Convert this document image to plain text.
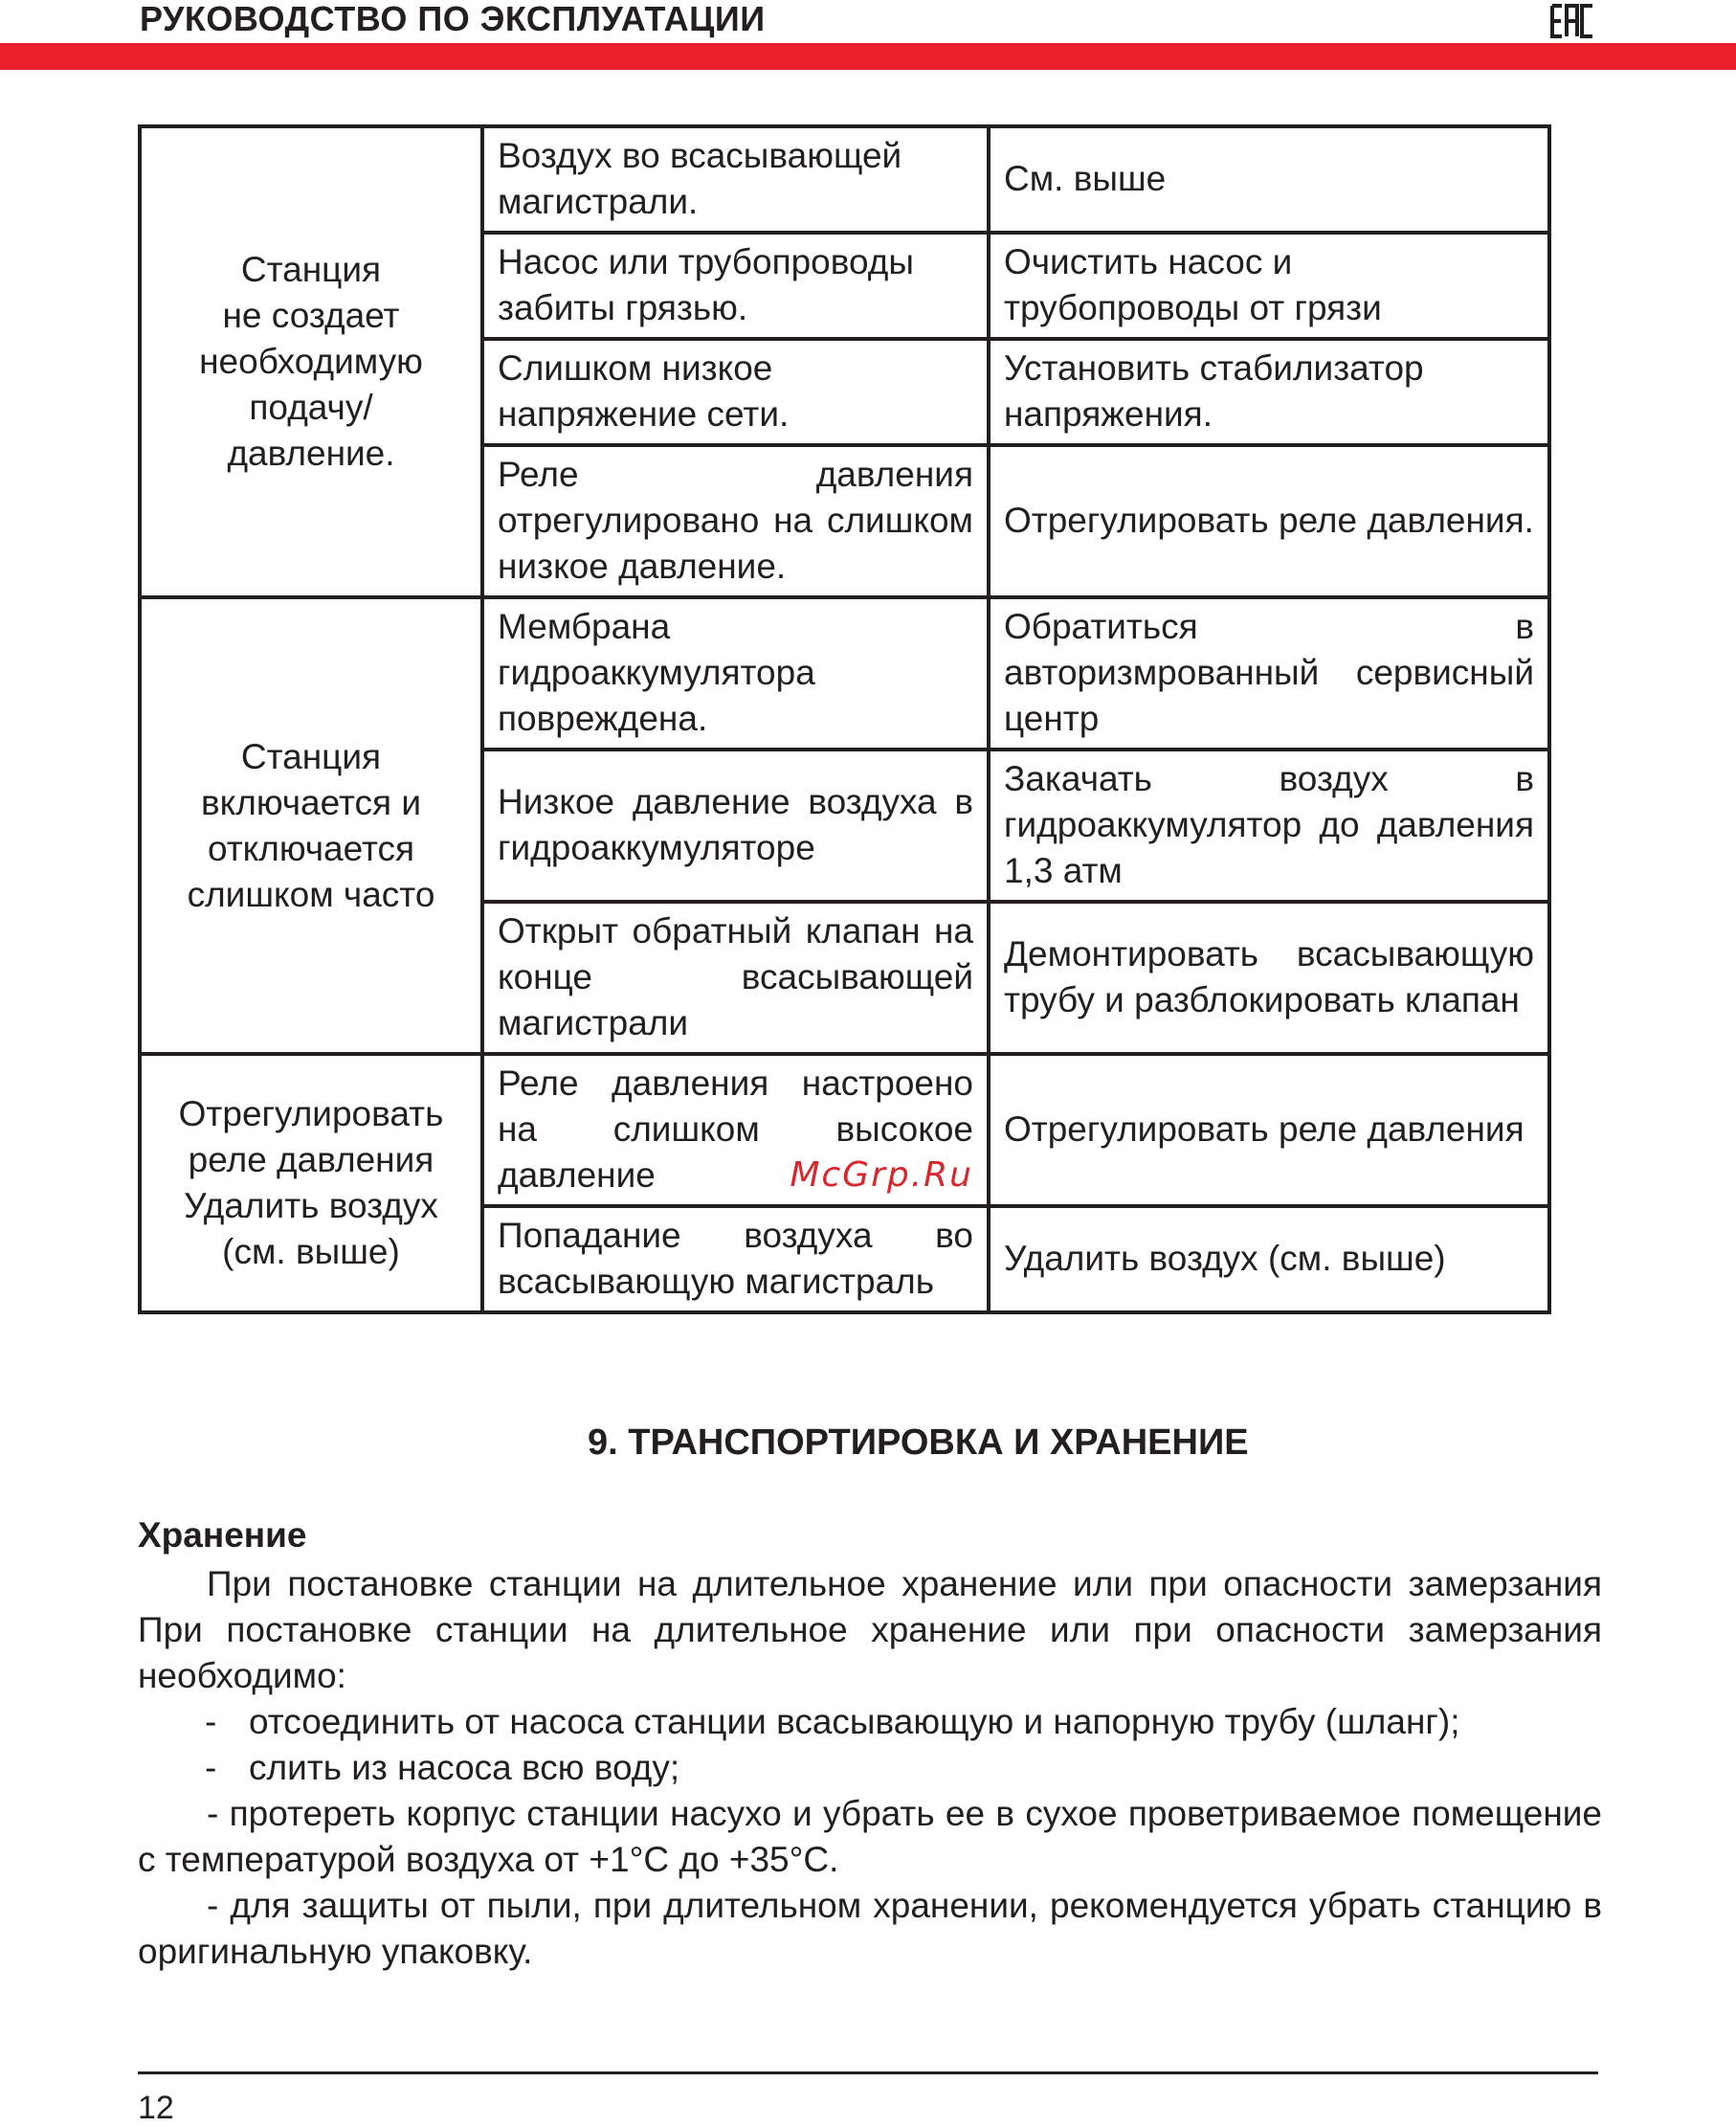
РУКОВОДСТВО ПО ЭКСПЛУАТАЦИИ
Станция
не создает
необходимую
подачу/
давление.	Воздух во всасывающей магистрали.	См. выше
	Насос или трубопроводы забиты грязью.	Очистить насос и трубопроводы от грязи
	Слишком низкое напряжение сети.	Установить стабилизатор напряжения.
	Реле давления отрегулировано на слишком низкое давление.	Отрегулировать реле давления.
Станция
включается и
отключается
слишком часто	Мембрана гидроаккумулятора повреждена.	Обратиться в авторизмрованный сервисный центр
	Низкое давление воздуха в гидроаккумуляторе	Закачать воздух в гидроаккумулятор до давления 1,3 атм
	Открыт обратный клапан на конце всасывающей магистрали	Демонтировать всасывающую трубу и разблокировать клапан
Отрегулировать
реле давления
Удалить воздух
(см. выше)	Реле давления настроено на слишком высокое давление McGrp.Ru	Отрегулировать реле давления
	Попадание воздуха во всасывающую магистраль	Удалить воздух (см. выше)
9. ТРАНСПОРТИРОВКА И ХРАНЕНИЕ
Хранение

При постановке станции на длительное хранение или при опасности замерзания При постановке станции на длительное хранение или при опасности замерзания необходимо:

- отсоединить от насоса станции всасывающую и напорную трубу (шланг);

- слить из насоса всю воду;

- протереть корпус станции насухо и убрать ее в сухое проветриваемое помещение с температурой воздуха от +1°С до +35°С.

- для защиты от пыли, при длительном хранении, рекомендуется убрать станцию в оригинальную упаковку.

12
